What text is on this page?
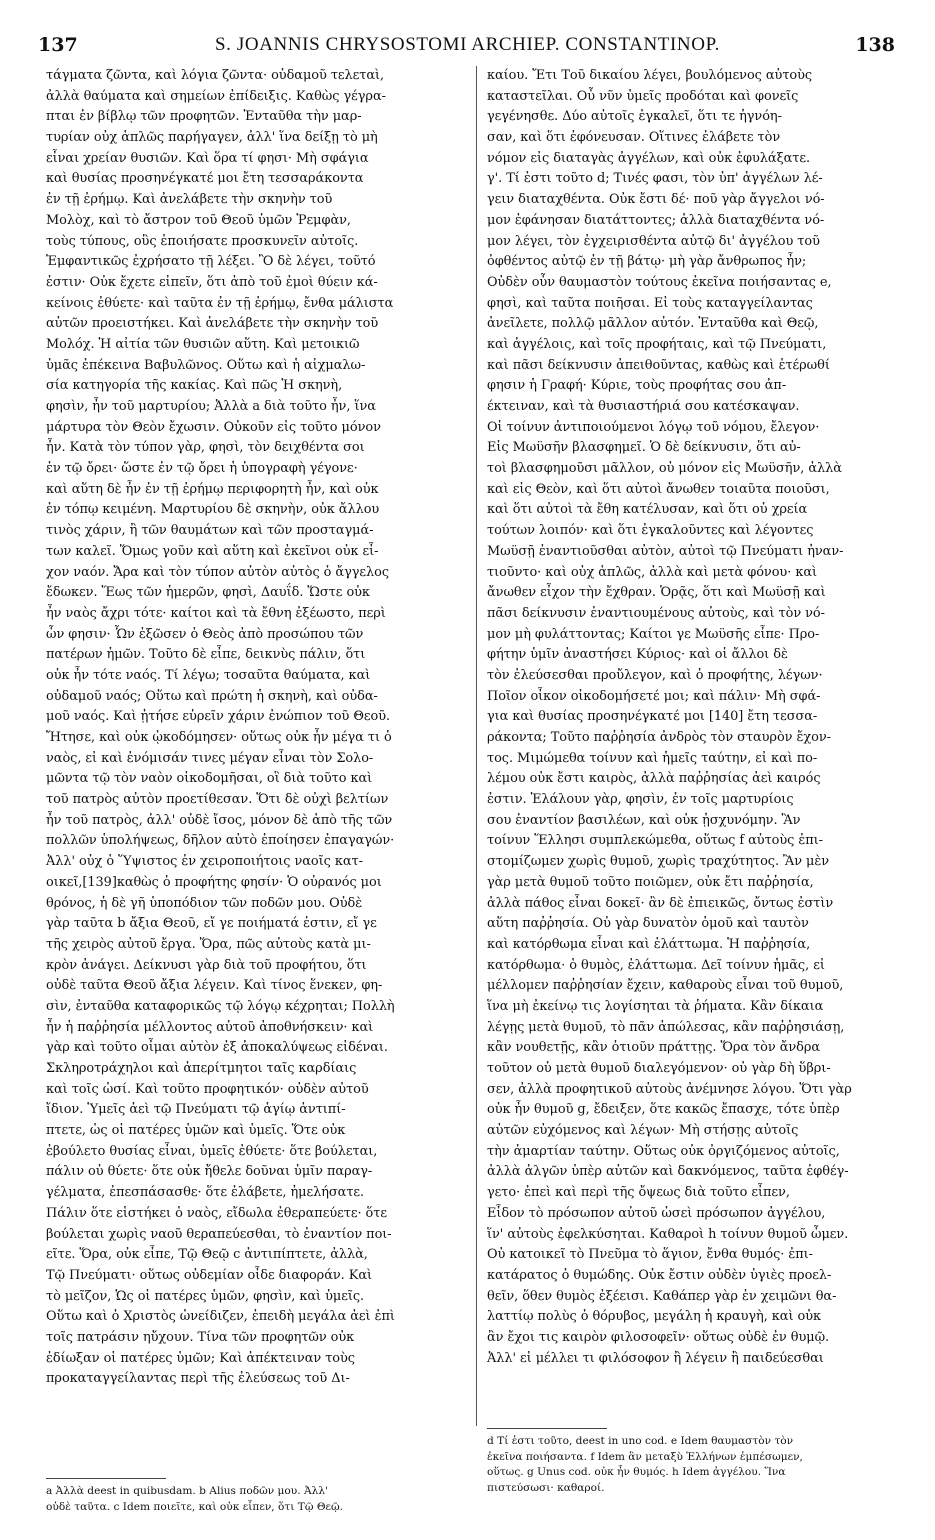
137	S. JOANNIS CHRYSOSTOMI ARCHIEP. CONSTANTINOP.	138
τάγματα ζῶντα, καὶ λόγια ζῶντα· οὐδαμοῦ τελεταὶ,
ἀλλὰ θαύματα καὶ σημείων ἐπίδειξις. Καθὼς γέγρα-
πται ἐν βίβλῳ τῶν προφητῶν. Ἐνταῦθα τὴν μαρ-
τυρίαν οὐχ ἁπλῶς παρήγαγεν, ἀλλ' ἵνα δείξῃ τὸ μὴ
εἶναι χρείαν θυσιῶν. Καὶ ὅρα τί φησι· Μὴ σφάγια
καὶ θυσίας προσηνέγκατέ μοι ἔτη τεσσαράκοντα
ἐν τῇ ἐρήμῳ. Καὶ ἀνελάβετε τὴν σκηνὴν τοῦ
Μολὸχ, καὶ τὸ ἄστρον τοῦ Θεοῦ ὑμῶν Ῥεμφὰν,
τοὺς τύπους, οὓς ἐποιήσατε προσκυνεῖν αὐτοῖς.
Ἐμφαντικῶς ἐχρήσατο τῇ λέξει. Ὃ δὲ λέγει, τοῦτό
ἐστιν· Οὐκ ἔχετε εἰπεῖν, ὅτι ἀπὸ τοῦ ἐμοὶ θύειν κά-
κείνοις ἐθύετε· καὶ ταῦτα ἐν τῇ ἐρήμῳ, ἔνθα μάλιστα
αὐτῶν προειστήκει. Καὶ ἀνελάβετε τὴν σκηνὴν τοῦ
Μολόχ. Ἡ αἰτία τῶν θυσιῶν αὕτη. Καὶ μετοικιῶ
ὑμᾶς ἐπέκεινα Βαβυλῶνος. Οὕτω καὶ ἡ αἰχμαλω-
σία κατηγορία τῆς κακίας. Καὶ πῶς Ἡ σκηνὴ,
φησὶν, ἦν τοῦ μαρτυρίου; Ἀλλὰ a διὰ τοῦτο ἦν, ἵνα
μάρτυρα τὸν Θεὸν ἔχωσιν. Οὐκοῦν εἰς τοῦτο μόνον
ἦν. Κατὰ τὸν τύπον γὰρ, φησὶ, τὸν δειχθέντα σοι
ἐν τῷ ὄρει· ὥστε ἐν τῷ ὄρει ἡ ὑπογραφὴ γέγονε·
καὶ αὕτη δὲ ἦν ἐν τῇ ἐρήμῳ περιφορητὴ ἦν, καὶ οὐκ
ἐν τόπῳ κειμένη. Μαρτυρίου δὲ σκηνὴν, οὐκ ἄλλου
τινὸς χάριν, ἢ τῶν θαυμάτων καὶ τῶν προσταγμά-
των καλεῖ. Ὅμως γοῦν καὶ αὕτη καὶ ἐκεῖνοι οὐκ εἶ-
χον ναόν. Ἄρα καὶ τὸν τύπον αὐτὸν αὐτὸς ὁ ἄγγελος
ἔδωκεν. Ἕως τῶν ἡμερῶν, φησὶ, Δαυΐδ. Ὥστε οὐκ
ἦν ναὸς ἄχρι τότε· καίτοι καὶ τὰ ἔθνη ἐξέωστο, περὶ
ὧν φησιν· Ὧν ἐξῶσεν ὁ Θεὸς ἀπὸ προσώπου τῶν
πατέρων ἡμῶν. Τοῦτο δὲ εἶπε, δεικνὺς πάλιν, ὅτι
οὐκ ἦν τότε ναός. Τί λέγω; τοσαῦτα θαύματα, καὶ
οὐδαμοῦ ναός; Οὕτω καὶ πρώτη ἡ σκηνὴ, καὶ οὐδα-
μοῦ ναός. Καὶ ᾐτήσε εὑρεῖν χάριν ἐνώπιον τοῦ Θεοῦ.
Ἤτησε, καὶ οὐκ ᾠκοδόμησεν· οὕτως οὐκ ἦν μέγα τι ὁ
ναὸς, εἰ καὶ ἐνόμισάν τινες μέγαν εἶναι τὸν Σολο-
μῶντα τῷ τὸν ναὸν οἰκοδομῆσαι, οἳ διὰ τοῦτο καὶ
τοῦ πατρὸς αὐτὸν προετίθεσαν. Ὅτι δὲ οὐχὶ βελτίων
ἦν τοῦ πατρὸς, ἀλλ' οὐδὲ ἴσος, μόνον δὲ ἀπὸ τῆς τῶν
πολλῶν ὑπολήψεως, δῆλον αὐτὸ ἐποίησεν ἐπαγαγών·
Ἀλλ' οὐχ ὁ Ὕψιστος ἐν χειροποιήτοις ναοῖς κατ-
οικεῖ,[139]καθὼς ὁ προφήτης φησίν· Ὁ οὐρανός μοι
θρόνος, ἡ δὲ γῆ ὑποπόδιον τῶν ποδῶν μου. Οὐδὲ
γὰρ ταῦτα b ἄξια Θεοῦ, εἴ γε ποιήματά ἐστιν, εἴ γε
τῆς χειρὸς αὐτοῦ ἔργα. Ὅρα, πῶς αὐτοὺς κατὰ μι-
κρὸν ἀνάγει. Δείκνυσι γὰρ διὰ τοῦ προφήτου, ὅτι
οὐδὲ ταῦτα Θεοῦ ἄξια λέγειν. Καὶ τίνος ἕνεκεν, φη-
σὶν, ἐνταῦθα καταφορικῶς τῷ λόγῳ κέχρηται; Πολλὴ
ἦν ἡ παῤῥησία μέλλοντος αὐτοῦ ἀποθνήσκειν· καὶ
γὰρ καὶ τοῦτο οἶμαι αὐτὸν ἐξ ἀποκαλύψεως εἰδέναι.
Σκληροτράχηλοι καὶ ἀπερίτμητοι ταῖς καρδίαις
καὶ τοῖς ὠσί. Καὶ τοῦτο προφητικόν· οὐδὲν αὐτοῦ
ἴδιον. Ὑμεῖς ἀεὶ τῷ Πνεύματι τῷ ἁγίῳ ἀντιπί-
πτετε, ὡς οἱ πατέρες ὑμῶν καὶ ὑμεῖς. Ὅτε οὐκ
ἐβούλετο θυσίας εἶναι, ὑμεῖς ἐθύετε· ὅτε βούλεται,
πάλιν οὐ θύετε· ὅτε οὐκ ἤθελε δοῦναι ὑμῖν παραγ-
γέλματα, ἐπεσπάσασθε· ὅτε ἐλάβετε, ἠμελήσατε.
Πάλιν ὅτε εἱστήκει ὁ ναὸς, εἴδωλα ἐθεραπεύετε· ὅτε
βούλεται χωρὶς ναοῦ θεραπεύεσθαι, τὸ ἐναντίον ποι-
εῖτε. Ὅρα, οὐκ εἶπε, Τῷ Θεῷ c ἀντιπίπτετε, ἀλλὰ,
Τῷ Πνεύματι· οὕτως οὐδεμίαν οἶδε διαφοράν. Καὶ
τὸ μεῖζον, Ὡς οἱ πατέρες ὑμῶν, φησὶν, καὶ ὑμεῖς.
Οὕτω καὶ ὁ Χριστὸς ὠνείδιζεν, ἐπειδὴ μεγάλα ἀεὶ ἐπὶ
τοῖς πατράσιν ηὔχουν. Τίνα τῶν προφητῶν οὐκ
ἐδίωξαν οἱ πατέρες ὑμῶν; Καὶ ἀπέκτειναν τοὺς
προκαταγγείλαντας περὶ τῆς ἐλεύσεως τοῦ Δι-
καίου. Ἔτι Τοῦ δικαίου λέγει, βουλόμενος αὐτοὺς
καταστεῖλαι. Οὗ νῦν ὑμεῖς προδόται καὶ φονεῖς
γεγένησθε. Δύο αὐτοῖς ἐγκαλεῖ, ὅτι τε ἠγνόη-
σαν, καὶ ὅτι ἐφόνευσαν. Οἵτινες ἐλάβετε τὸν
νόμον εἰς διαταγὰς ἀγγέλων, καὶ οὐκ ἐφυλάξατε.
γ'. Τί ἐστι τοῦτο d; Τινές φασι, τὸν ὑπ' ἀγγέλων λέ-
γειν διαταχθέντα. Οὐκ ἔστι δέ· ποῦ γὰρ ἄγγελοι νό-
μον ἐφάνησαν διατάττοντες; ἀλλὰ διαταχθέντα νό-
μον λέγει, τὸν ἐγχειρισθέντα αὐτῷ δι' ἀγγέλου τοῦ
ὀφθέντος αὐτῷ ἐν τῇ βάτῳ· μὴ γὰρ ἄνθρωπος ἦν;
Οὐδὲν οὖν θαυμαστὸν τούτους ἐκεῖνα ποιήσαντας e,
φησὶ, καὶ ταῦτα ποιῆσαι. Εἰ τοὺς καταγγείλαντας
ἀνεῖλετε, πολλῷ μᾶλλον αὐτόν. Ἐνταῦθα καὶ Θεῷ,
καὶ ἀγγέλοις, καὶ τοῖς προφήταις, καὶ τῷ Πνεύματι,
καὶ πᾶσι δείκνυσιν ἀπειθοῦντας, καθὼς καὶ ἑτέρωθί
φησιν ἡ Γραφή· Κύριε, τοὺς προφήτας σου ἀπ-
έκτειναν, καὶ τὰ θυσιαστήριά σου κατέσκαψαν.
Οἱ τοίνυν ἀντιποιούμενοι λόγῳ τοῦ νόμου, ἔλεγον·
Εἰς Μωϋσῆν βλασφημεῖ. Ὁ δὲ δείκνυσιν, ὅτι αὐ-
τοὶ βλασφημοῦσι μᾶλλον, οὐ μόνον εἰς Μωϋσῆν, ἀλλὰ
καὶ εἰς Θεὸν, καὶ ὅτι αὐτοὶ ἄνωθεν τοιαῦτα ποιοῦσι,
καὶ ὅτι αὐτοὶ τὰ ἔθη κατέλυσαν, καὶ ὅτι οὐ χρεία
τούτων λοιπόν· καὶ ὅτι ἐγκαλοῦντες καὶ λέγοντες
Μωϋσῇ ἐναντιοῦσθαι αὐτὸν, αὐτοὶ τῷ Πνεύματι ἠναν-
τιοῦντο· καὶ οὐχ ἁπλῶς, ἀλλὰ καὶ μετὰ φόνου· καὶ
ἄνωθεν εἶχον τὴν ἔχθραν. Ὁρᾷς, ὅτι καὶ Μωϋσῇ καὶ
πᾶσι δείκνυσιν ἐναντιουμένους αὐτοὺς, καὶ τὸν νό-
μον μὴ φυλάττοντας; Καίτοι γε Μωϋσῆς εἶπε· Προ-
φήτην ὑμῖν ἀναστήσει Κύριος· καὶ οἱ ἄλλοι δὲ
τὸν ἐλεύσεσθαι προὔλεγον, καὶ ὁ προφήτης, λέγων·
Ποῖον οἶκον οἰκοδομήσετέ μοι; καὶ πάλιν· Μὴ σφά-
για καὶ θυσίας προσηνέγκατέ μοι [140] ἔτη τεσσα-
ράκοντα; Τοῦτο παῤῥησία ἀνδρὸς τὸν σταυρὸν ἔχον-
τος. Μιμώμεθα τοίνυν καὶ ἡμεῖς ταύτην, εἰ καὶ πο-
λέμου οὐκ ἔστι καιρὸς, ἀλλὰ παῤῥησίας ἀεὶ καιρός
ἐστιν. Ἐλάλουν γὰρ, φησὶν, ἐν τοῖς μαρτυρίοις
σου ἐναντίον βασιλέων, καὶ οὐκ ᾐσχυνόμην. Ἂν
τοίνυν Ἕλλησι συμπλεκώμεθα, οὕτως f αὐτοὺς ἐπι-
στομίζωμεν χωρὶς θυμοῦ, χωρὶς τραχύτητος. Ἂν μὲν
γὰρ μετὰ θυμοῦ τοῦτο ποιῶμεν, οὐκ ἔτι παῤῥησία,
ἀλλὰ πάθος εἶναι δοκεῖ· ἂν δὲ ἐπιεικῶς, ὄντως ἐστὶν
αὕτη παῤῥησία. Οὐ γὰρ δυνατὸν ὁμοῦ καὶ ταυτὸν
καὶ κατόρθωμα εἶναι καὶ ἐλάττωμα. Ἡ παῤῥησία,
κατόρθωμα· ὁ θυμὸς, ἐλάττωμα. Δεῖ τοίνυν ἡμᾶς, εἰ
μέλλομεν παῤῥησίαν ἔχειν, καθαροὺς εἶναι τοῦ θυμοῦ,
ἵνα μὴ ἐκείνῳ τις λογίσηται τὰ ῥήματα. Κἂν δίκαια
λέγῃς μετὰ θυμοῦ, τὸ πᾶν ἀπώλεσας, κἂν παῤῥησιάσῃ,
κἂν νουθετῇς, κἂν ὁτιοῦν πράττῃς. Ὅρα τὸν ἄνδρα
τοῦτον οὐ μετὰ θυμοῦ διαλεγόμενον· οὐ γὰρ δὴ ὕβρι-
σεν, ἀλλὰ προφητικοῦ αὐτοὺς ἀνέμνησε λόγου. Ὅτι γὰρ
οὐκ ἦν θυμοῦ g, ἔδειξεν, ὅτε κακῶς ἔπασχε, τότε ὑπὲρ
αὐτῶν εὐχόμενος καὶ λέγων· Μὴ στήσῃς αὐτοῖς
τὴν ἁμαρτίαν ταύτην. Οὕτως οὐκ ὀργιζόμενος αὐτοῖς,
ἀλλὰ ἀλγῶν ὑπὲρ αὐτῶν καὶ δακνόμενος, ταῦτα ἐφθέγ-
γετο· ἐπεὶ καὶ περὶ τῆς ὄψεως διὰ τοῦτο εἶπεν,
Εἶδον τὸ πρόσωπον αὐτοῦ ὡσεὶ πρόσωπον ἀγγέλου,
ἵν' αὐτοὺς ἐφελκύσηται. Καθαροὶ h τοίνυν θυμοῦ ὦμεν.
Οὐ κατοικεῖ τὸ Πνεῦμα τὸ ἅγιον, ἔνθα θυμός· ἐπι-
κατάρατος ὁ θυμώδης. Οὐκ ἔστιν οὐδὲν ὑγιὲς προελ-
θεῖν, ὅθεν θυμὸς ἐξέεισι. Καθάπερ γὰρ ἐν χειμῶνι θα-
λαττίῳ πολὺς ὁ θόρυβος, μεγάλη ἡ κραυγὴ, καὶ οὐκ
ἂν ἔχοι τις καιρὸν φιλοσοφεῖν· οὕτως οὐδὲ ἐν θυμῷ.
Ἀλλ' εἰ μέλλει τι φιλόσοφον ἢ λέγειν ἢ παιδεύεσθαι
a Ἀλλὰ deest in quibusdam. b Alius ποδῶν μου. Ἀλλ'
οὐδὲ ταῦτα. c Idem ποιεῖτε, καὶ οὐκ εἶπεν, ὅτι Τῷ Θεῷ.
d Τί ἐστι τοῦτο, deest in uno cod. e Idem θαυμαστὸν τὸν
ἐκεῖνα ποιήσαντα. f Idem ἂν μεταξὺ Ἑλλήνων ἐμπέσωμεν,
οὕτως. g Unus cod. οὐκ ἦν θυμός. h Idem ἀγγέλου. Ἵνα
πιστεύσωσι· καθαροί.
